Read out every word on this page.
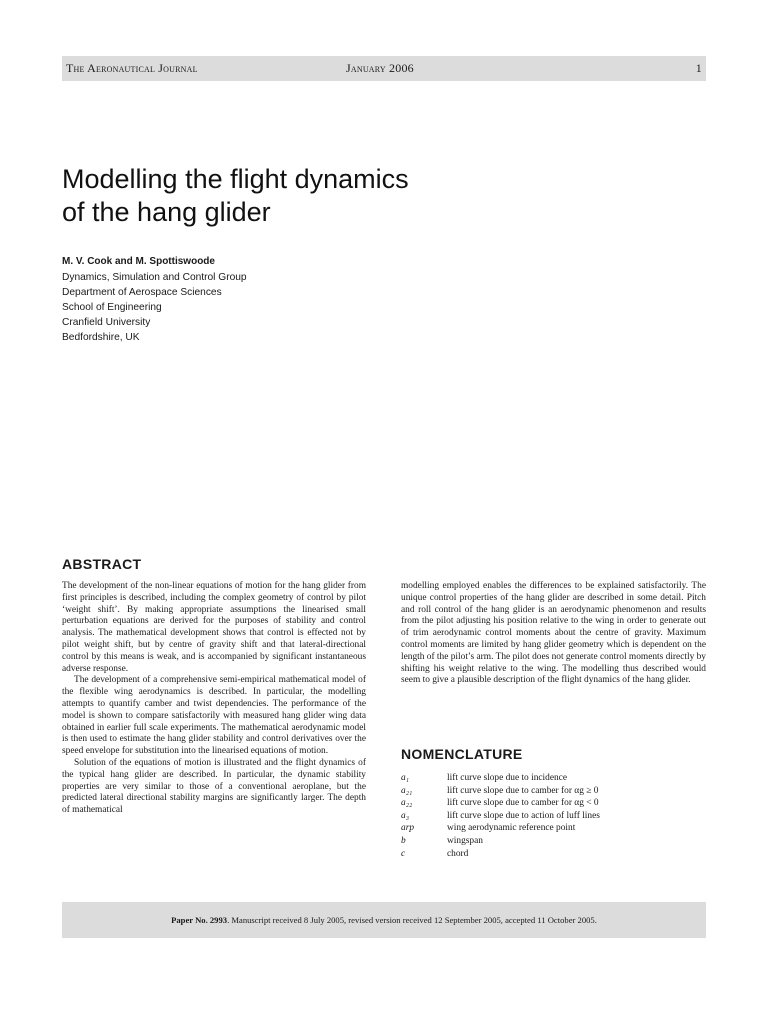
The Aeronautical Journal	January 2006	1
Modelling the flight dynamics
of the hang glider

M. V. Cook and M. Spottiswoode

Dynamics, Simulation and Control Group
Department of Aerospace Sciences
School of Engineering
Cranfield University
Bedfordshire, UK
ABSTRACT

The development of the non-linear equations of motion for the hang glider from first principles is described, including the complex geometry of control by pilot ‘weight shift’. By making appropriate assumptions the linearised small perturbation equations are derived for the purposes of stability and control analysis. The mathematical development shows that control is effected not by pilot weight shift, but by centre of gravity shift and that lateral-directional control by this means is weak, and is accompanied by significant instantaneous adverse response.

The development of a comprehensive semi-empirical mathematical model of the flexible wing aerodynamics is described. In particular, the modelling attempts to quantify camber and twist dependencies. The performance of the model is shown to compare satisfactorily with measured hang glider wing data obtained in earlier full scale experiments. The mathematical aerodynamic model is then used to estimate the hang glider stability and control derivatives over the speed envelope for substitution into the linearised equations of motion.

Solution of the equations of motion is illustrated and the flight dynamics of the typical hang glider are described. In particular, the dynamic stability properties are very similar to those of a conventional aeroplane, but the predicted lateral directional stability margins are significantly larger. The depth of mathematical

modelling employed enables the differences to be explained satisfactorily. The unique control properties of the hang glider are described in some detail. Pitch and roll control of the hang glider is an aerodynamic phenomenon and results from the pilot adjusting his position relative to the wing in order to generate out of trim aerodynamic control moments about the centre of gravity. Maximum control moments are limited by hang glider geometry which is dependent on the length of the pilot’s arm. The pilot does not generate control moments directly by shifting his weight relative to the wing. The modelling thus described would seem to give a plausible description of the flight dynamics of the hang glider.

NOMENCLATURE
a₁	lift curve slope due to incidence
a₂₁	lift curve slope due to camber for αg ≥ 0
a₂₂	lift curve slope due to camber for αg < 0
a₃	lift curve slope due to action of luff lines
arp	wing aerodynamic reference point
b	wingspan
c	chord
Paper No. 2993. Manuscript received 8 July 2005, revised version received 12 September 2005, accepted 11 October 2005.
